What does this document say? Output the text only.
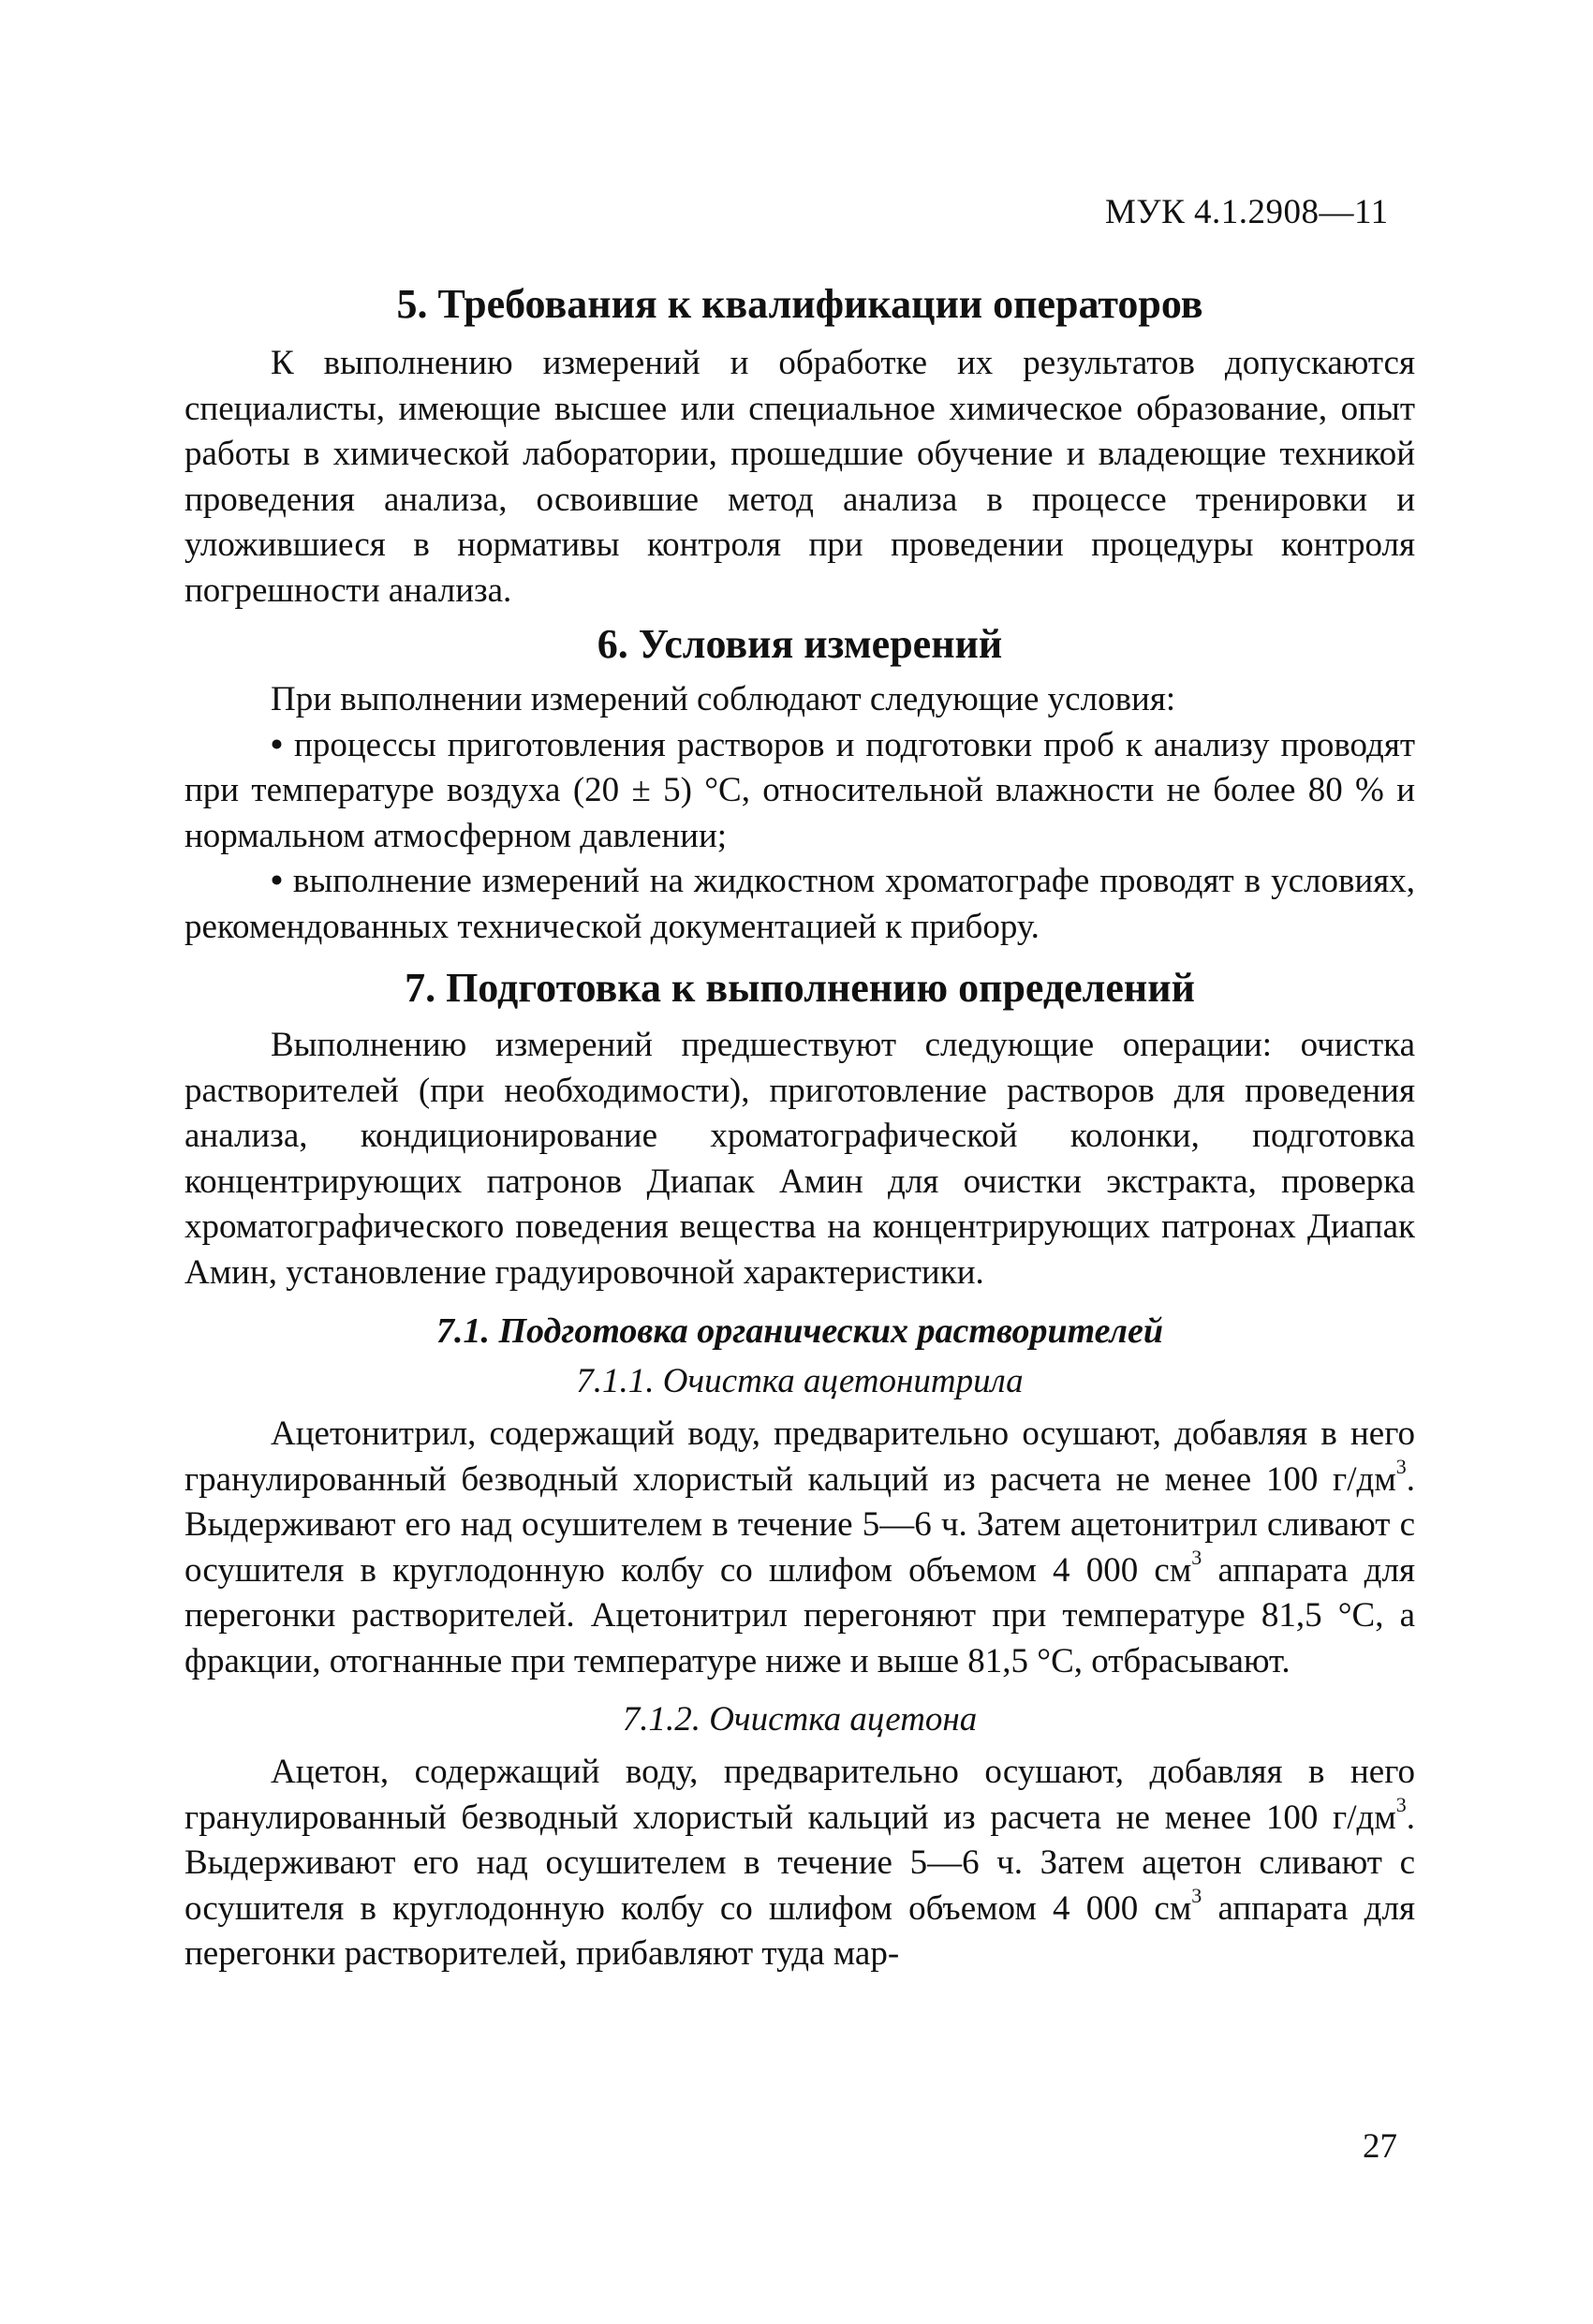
МУК 4.1.2908—11
5. Требования к квалификации операторов

К выполнению измерений и обработке их результатов допускаются специалисты, имеющие высшее или специальное химическое образование, опыт работы в химической лаборатории, прошедшие обучение и владеющие техникой проведения анализа, освоившие метод анализа в процессе тренировки и уложившиеся в нормативы контроля при проведении процедуры контроля погрешности анализа.

6. Условия измерений

При выполнении измерений соблюдают следующие условия:

• процессы приготовления растворов и подготовки проб к анализу проводят при температуре воздуха (20 ± 5) °С, относительной влажности не более 80 % и нормальном атмосферном давлении;

• выполнение измерений на жидкостном хроматографе проводят в условиях, рекомендованных технической документацией к прибору.

7. Подготовка к выполнению определений

Выполнению измерений предшествуют следующие операции: очистка растворителей (при необходимости), приготовление растворов для проведения анализа, кондиционирование хроматографической колонки, подготовка концентрирующих патронов Диапак Амин для очистки экстракта, проверка хроматографического поведения вещества на концентрирующих патронах Диапак Амин, установление градуировочной характеристики.

7.1. Подготовка органических растворителей

7.1.1. Очистка ацетонитрила

Ацетонитрил, содержащий воду, предварительно осушают, добавляя в него гранулированный безводный хлористый кальций из расчета не менее 100 $г/дм^3$. Выдерживают его над осушителем в течение 5—6 ч. Затем ацетонитрил сливают с осушителя в круглодонную колбу со шлифом объемом 4 000 $см^3$ аппарата для перегонки растворителей. Ацетонитрил перегоняют при температуре 81,5 °С, а фракции, отогнанные при температуре ниже и выше 81,5 °С, отбрасывают.

7.1.2. Очистка ацетона

Ацетон, содержащий воду, предварительно осушают, добавляя в него гранулированный безводный хлористый кальций из расчета не менее 100 $г/дм^3$. Выдерживают его над осушителем в течение 5—6 ч. Затем ацетон сливают с осушителя в круглодонную колбу со шлифом объемом 4 000 $см^3$ аппарата для перегонки растворителей, прибавляют туда мар-

27
